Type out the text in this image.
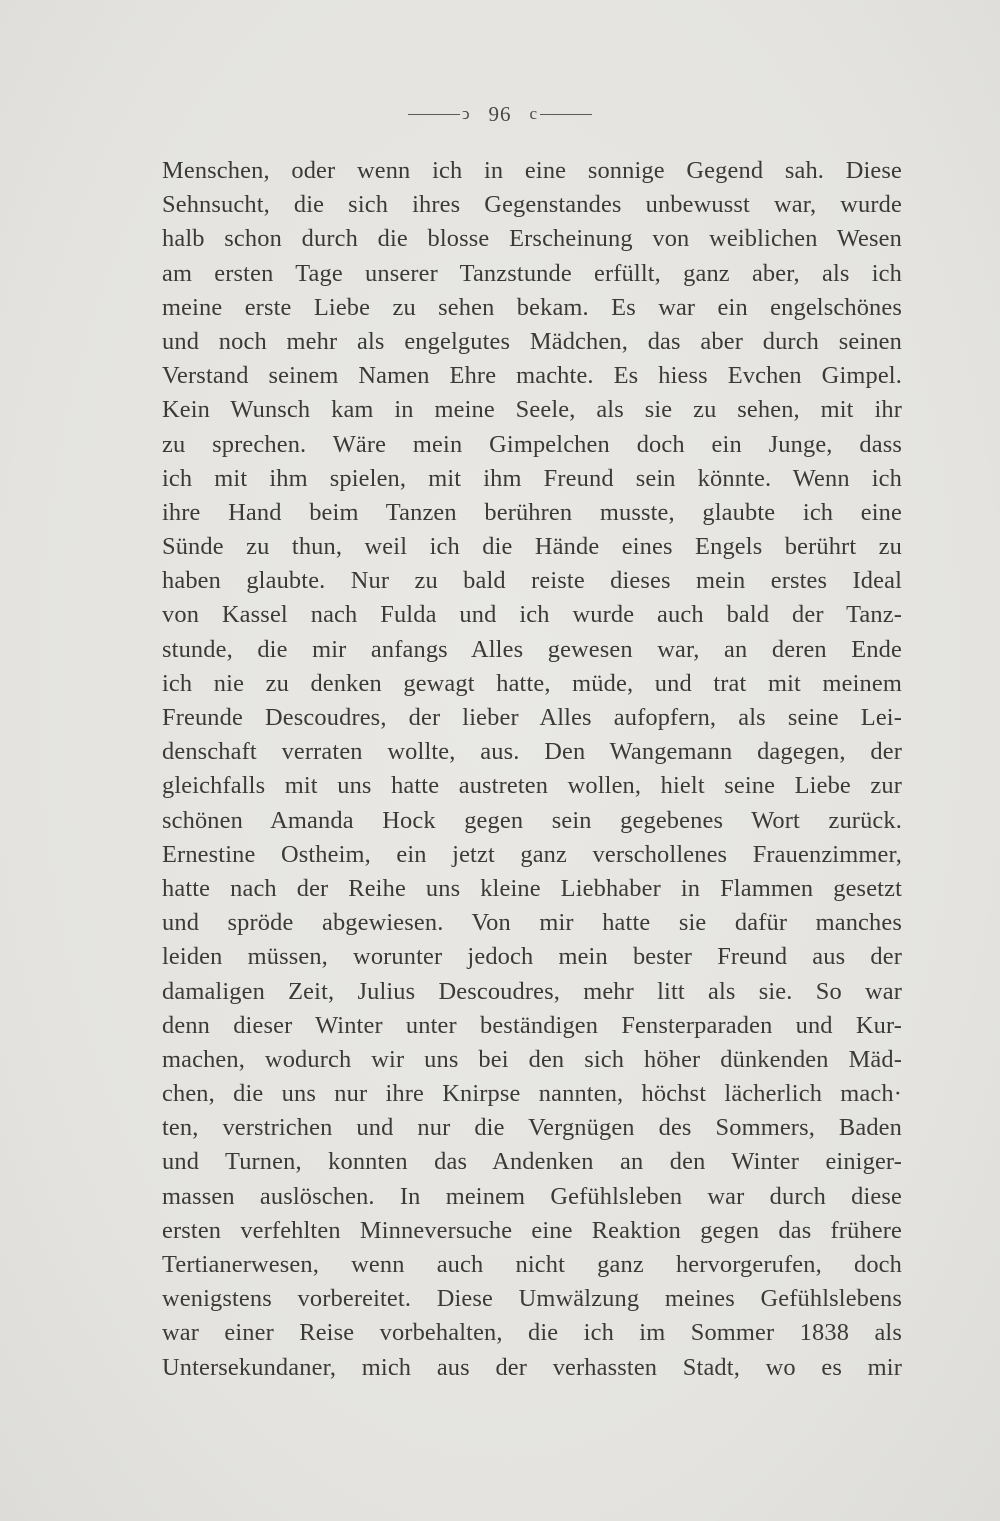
ↄ 96 c
Menschen, oder wenn ich in eine sonnige Gegend sah. Diese
Sehnsucht, die sich ihres Gegenstandes unbewusst war, wurde
halb schon durch die blosse Erscheinung von weiblichen Wesen
am ersten Tage unserer Tanzstunde erfüllt, ganz aber, als ich
meine erste Liebe zu sehen bekam. Es war ein engelschönes
und noch mehr als engelgutes Mädchen, das aber durch seinen
Verstand seinem Namen Ehre machte. Es hiess Evchen Gimpel.
Kein Wunsch kam in meine Seele, als sie zu sehen, mit ihr
zu sprechen. Wäre mein Gimpelchen doch ein Junge, dass
ich mit ihm spielen, mit ihm Freund sein könnte. Wenn ich
ihre Hand beim Tanzen berühren musste, glaubte ich eine
Sünde zu thun, weil ich die Hände eines Engels berührt zu
haben glaubte. Nur zu bald reiste dieses mein erstes Ideal
von Kassel nach Fulda und ich wurde auch bald der Tanz-
stunde, die mir anfangs Alles gewesen war, an deren Ende
ich nie zu denken gewagt hatte, müde, und trat mit meinem
Freunde Descoudres, der lieber Alles aufopfern, als seine Lei-
denschaft verraten wollte, aus. Den Wangemann dagegen, der
gleichfalls mit uns hatte austreten wollen, hielt seine Liebe zur
schönen Amanda Hock gegen sein gegebenes Wort zurück.
Ernestine Ostheim, ein jetzt ganz verschollenes Frauenzimmer,
hatte nach der Reihe uns kleine Liebhaber in Flammen gesetzt
und spröde abgewiesen. Von mir hatte sie dafür manches
leiden müssen, worunter jedoch mein bester Freund aus der
damaligen Zeit, Julius Descoudres, mehr litt als sie. So war
denn dieser Winter unter beständigen Fensterparaden und Kur-
machen, wodurch wir uns bei den sich höher dünkenden Mäd-
chen, die uns nur ihre Knirpse nannten, höchst lächerlich mach·
ten, verstrichen und nur die Vergnügen des Sommers, Baden
und Turnen, konnten das Andenken an den Winter einiger-
massen auslöschen. In meinem Gefühlsleben war durch diese
ersten verfehlten Minneversuche eine Reaktion gegen das frühere
Tertianerwesen, wenn auch nicht ganz hervorgerufen, doch
wenigstens vorbereitet. Diese Umwälzung meines Gefühlslebens
war einer Reise vorbehalten, die ich im Sommer 1838 als
Untersekundaner, mich aus der verhassten Stadt, wo es mir
